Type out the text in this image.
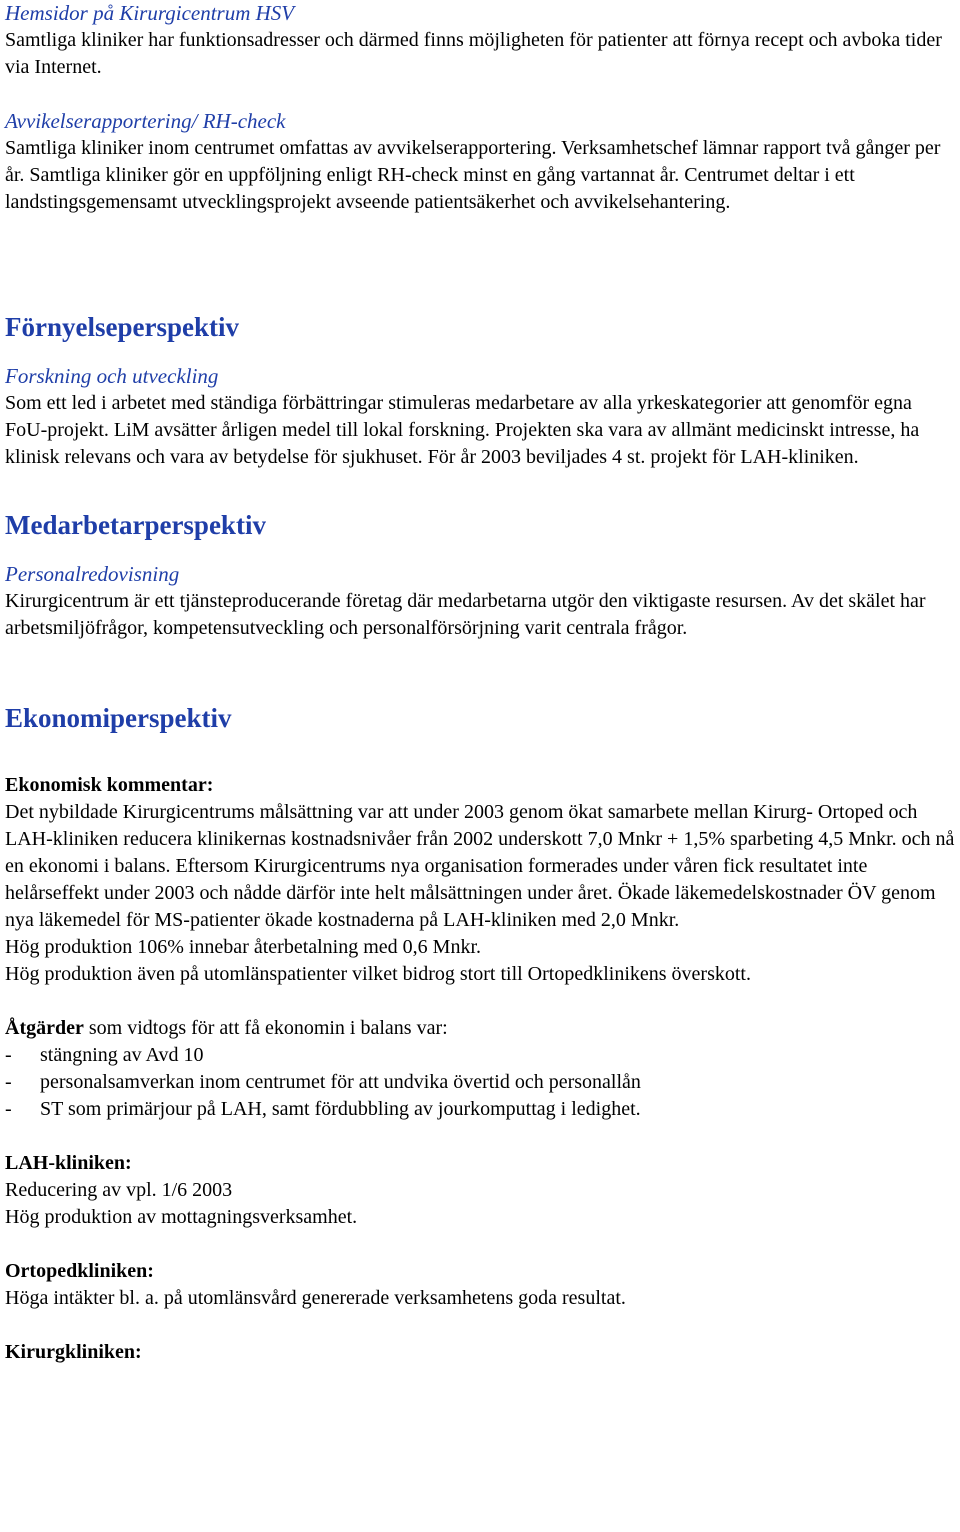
Hemsidor på Kirurgicentrum HSV

Samtliga kliniker har funktionsadresser och därmed finns möjligheten för patienter att förnya recept och avboka tider via Internet.

Avvikelserapportering/ RH-check

Samtliga kliniker inom centrumet omfattas av avvikelserapportering. Verksamhetschef lämnar rapport två gånger per år. Samtliga kliniker gör en uppföljning enligt RH-check minst en gång vartannat år. Centrumet deltar i ett landstingsgemensamt utvecklingsprojekt avseende patientsäkerhet och avvikelsehantering.

Förnyelseperspektiv
Forskning och utveckling

Som ett led i arbetet med ständiga förbättringar stimuleras medarbetare av alla yrkeskategorier att genomför egna FoU-projekt. LiM avsätter årligen medel till lokal forskning. Projekten ska vara av allmänt medicinskt intresse, ha klinisk relevans och vara av betydelse för sjukhuset. För år 2003 beviljades 4 st. projekt för LAH-kliniken.

Medarbetarperspektiv
Personalredovisning

Kirurgicentrum är ett tjänsteproducerande företag där medarbetarna utgör den viktigaste resursen. Av det skälet har arbetsmiljöfrågor, kompetensutveckling och personalförsörjning varit centrala frågor.

Ekonomiperspektiv

Ekonomisk kommentar:

Det nybildade Kirurgicentrums målsättning var att under 2003 genom ökat samarbete mellan Kirurg- Ortoped och LAH-kliniken reducera klinikernas kostnadsnivåer från 2002 underskott 7,0 Mnkr + 1,5% sparbeting 4,5 Mnkr. och nå en ekonomi i balans. Eftersom Kirurgicentrums nya organisation formerades under våren fick resultatet inte helårseffekt under 2003 och nådde därför inte helt målsättningen under året. Ökade läkemedelskostnader ÖV genom nya läkemedel för MS-patienter ökade kostnaderna på LAH-kliniken med 2,0 Mnkr.

Hög produktion 106% innebar återbetalning med 0,6 Mnkr.

Hög produktion även på utomlänspatienter vilket bidrog stort till Ortopedklinikens överskott.

Åtgärder som vidtogs för att få ekonomin i balans var:

- stängning av Avd 10
- personalsamverkan inom centrumet för att undvika övertid och personallån
- ST som primärjour på LAH, samt fördubbling av jourkomputtag i ledighet.

LAH-kliniken:

Reducering av vpl. 1/6 2003

Hög produktion av mottagningsverksamhet.

Ortopedkliniken:

Höga intäkter bl. a. på utomlänsvård genererade verksamhetens goda resultat.

Kirurgkliniken:
